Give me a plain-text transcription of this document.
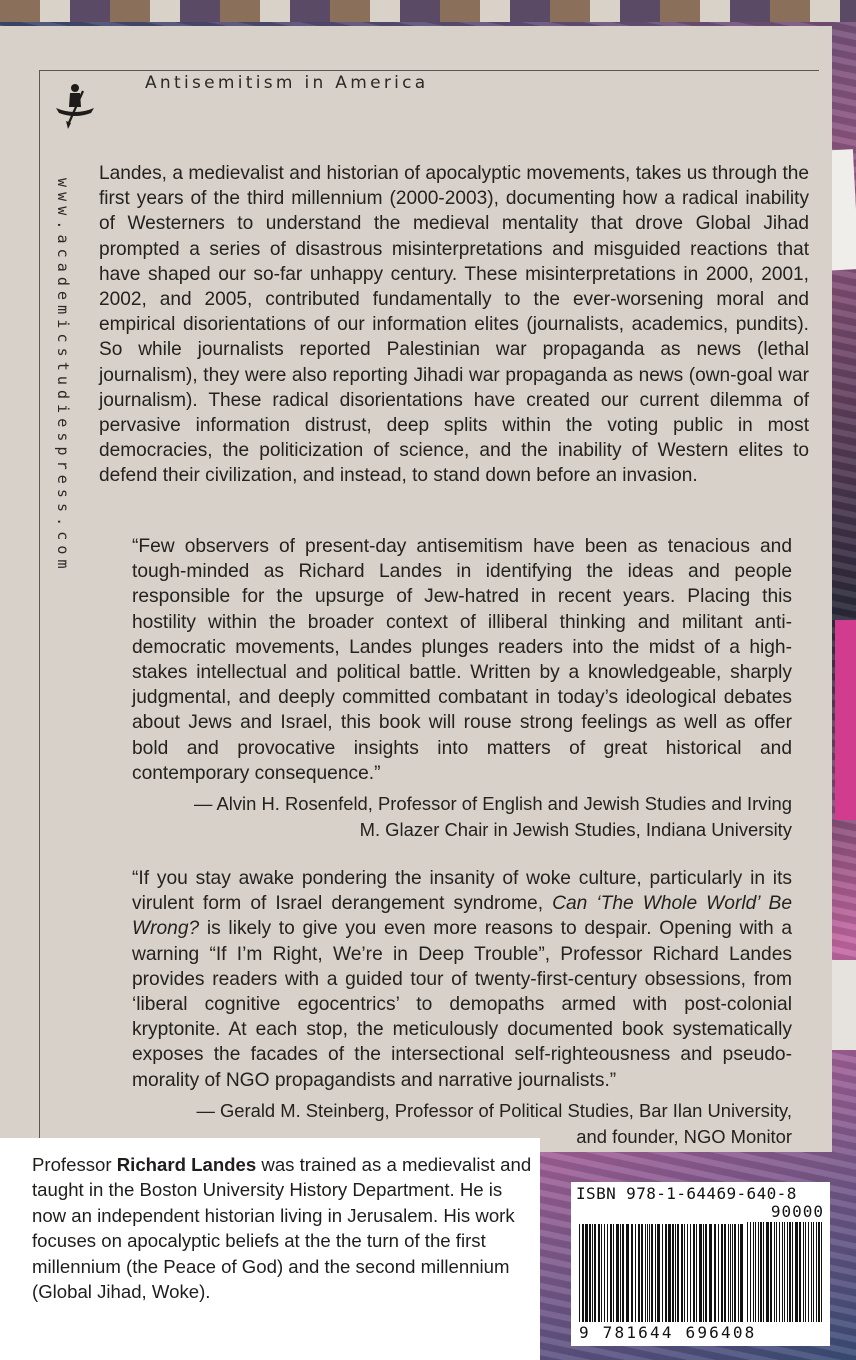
Antisemitism in America
www.academicstudiespress.com
Landes, a medievalist and historian of apocalyptic movements, takes us through the first years of the third millennium (2000-2003), documenting how a radical inability of Westerners to understand the medieval mentality that drove Global Jihad prompted a series of disastrous misinterpretations and misguided reactions that have shaped our so-far unhappy century. These misinterpretations in 2000, 2001, 2002, and 2005, contributed fundamentally to the ever-worsening moral and empirical disorientations of our information elites (journalists, academics, pundits). So while journalists reported Palestinian war propaganda as news (lethal journalism), they were also reporting Jihadi war propaganda as news (own-goal war journalism). These radical disorientations have created our current dilemma of pervasive information distrust, deep splits within the voting public in most democracies, the politicization of science, and the inability of Western elites to defend their civilization, and instead, to stand down before an invasion.
“Few observers of present-day antisemitism have been as tenacious and tough-minded as Richard Landes in identifying the ideas and people responsible for the upsurge of Jew-hatred in recent years. Placing this hostility within the broader context of illiberal thinking and militant anti-democratic movements, Landes plunges readers into the midst of a high-stakes intellectual and political battle. Written by a knowledgeable, sharply judgmental, and deeply committed combatant in today’s ideological debates about Jews and Israel, this book will rouse strong feelings as well as offer bold and provocative insights into matters of great historical and contemporary consequence.”
— Alvin H. Rosenfeld, Professor of English and Jewish Studies and Irving
M. Glazer Chair in Jewish Studies, Indiana University
“If you stay awake pondering the insanity of woke culture, particularly in its virulent form of Israel derangement syndrome, Can ‘The Whole World’ Be Wrong? is likely to give you even more reasons to despair. Opening with a warning “If I’m Right, We’re in Deep Trouble”, Professor Richard Landes provides readers with a guided tour of twenty-first-century obsessions, from ‘liberal cognitive egocentrics’ to demopaths armed with post-colonial kryptonite. At each stop, the meticulously documented book systematically exposes the facades of the intersectional self-righteousness and pseudo-morality of NGO propagandists and narrative journalists.”
— Gerald M. Steinberg, Professor of Political Studies, Bar Ilan University,
and founder, NGO Monitor
Professor Richard Landes was trained as a medievalist and taught in the Boston University History Department. He is now an independent historian living in Jerusalem. His work focuses on apocalyptic beliefs at the the turn of the first millennium (the Peace of God) and the second millennium (Global Jihad, Woke).
ISBN 978-1-64469-640-8
90000
9 781644 696408
